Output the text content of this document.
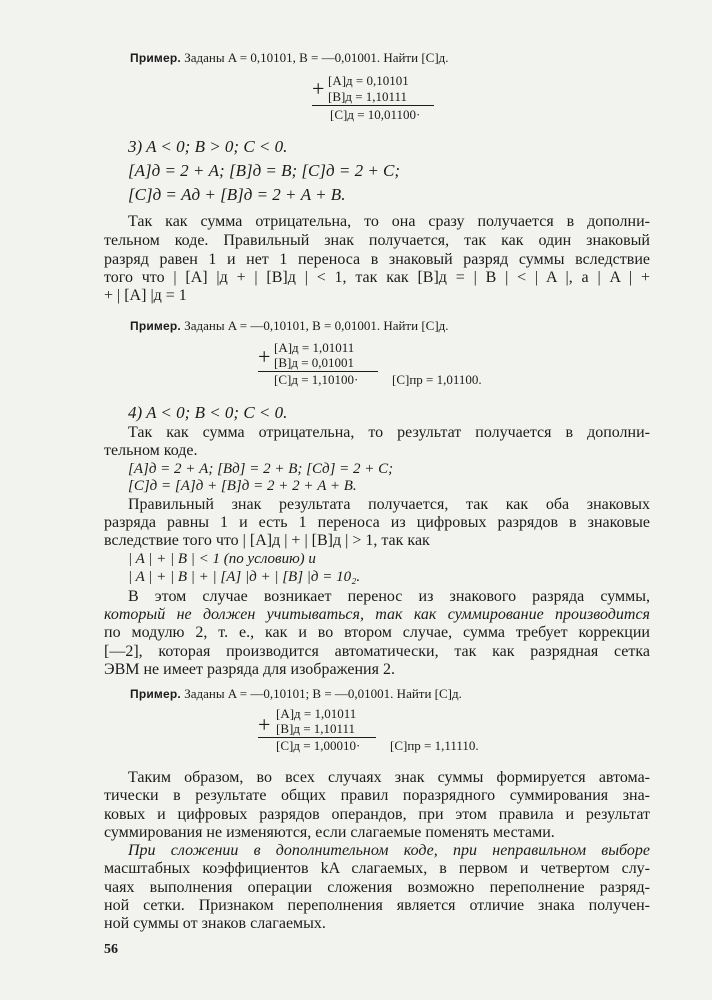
Пример. Заданы A = 0,10101, B = —0,01001. Найти [C]д.
+ [A]д = 0,10101
[B]д = 1,10111
[C]д = 10,01100·
3) A < 0; B > 0; C < 0.
[A]д = 2 + A; [B]д = B; [C]д = 2 + C;
[C]д = Aд + [B]д = 2 + A + B.
Так как сумма отрицательна, то она сразу получается в дополни-
тельном коде. Правильный знак получается, так как один знаковый
разряд равен 1 и нет 1 переноса в знаковый разряд суммы вследствие
того что | [A] |д + | [B]д | < 1, так как [B]д = | B | < | A |, а | A | +
+ | [A] |д = 1
Пример. Заданы A = —0,10101, B = 0,01001. Найти [C]д.
+ [A]д = 1,01011
[B]д = 0,01001
[C]д = 1,10100·	[C]пр = 1,01100.
4) A < 0; B < 0; C < 0.
Так как сумма отрицательна, то результат получается в дополни-
тельном коде.
[A]д = 2 + A; [Bд] = 2 + B; [Cд] = 2 + C;
[C]д = [A]д + [B]д = 2 + 2 + A + B.
Правильный знак результата получается, так как оба знаковых
разряда равны 1 и есть 1 переноса из цифровых разрядов в знаковые
вследствие того что | [A]д | + | [B]д | > 1, так как
| A | + | B | < 1 (по условию) и
| A | + | B | + | [A] |д + | [B] |д = 10₂.
В этом случае возникает перенос из знакового разряда суммы,
который не должен учитываться, так как суммирование производится
по модулю 2, т. е., как и во втором случае, сумма требует коррекции
[—2], которая производится автоматически, так как разрядная сетка
ЭВМ не имеет разряда для изображения 2.
Пример. Заданы A = —0,10101; B = —0,01001. Найти [C]д.
+ [A]д = 1,01011
[B]д = 1,10111
[C]д = 1,00010· [C]пр = 1,11110.
Таким образом, во всех случаях знак суммы формируется автома-
тически в результате общих правил поразрядного суммирования зна-
ковых и цифровых разрядов операндов, при этом правила и результат
суммирования не изменяются, если слагаемые поменять местами.
При сложении в дополнительном коде, при неправильном выборе
масштабных коэффициентов kA слагаемых, в первом и четвертом слу-
чаях выполнения операции сложения возможно переполнение разряд-
ной сетки. Признаком переполнения является отличие знака получен-
ной суммы от знаков слагаемых.
56
